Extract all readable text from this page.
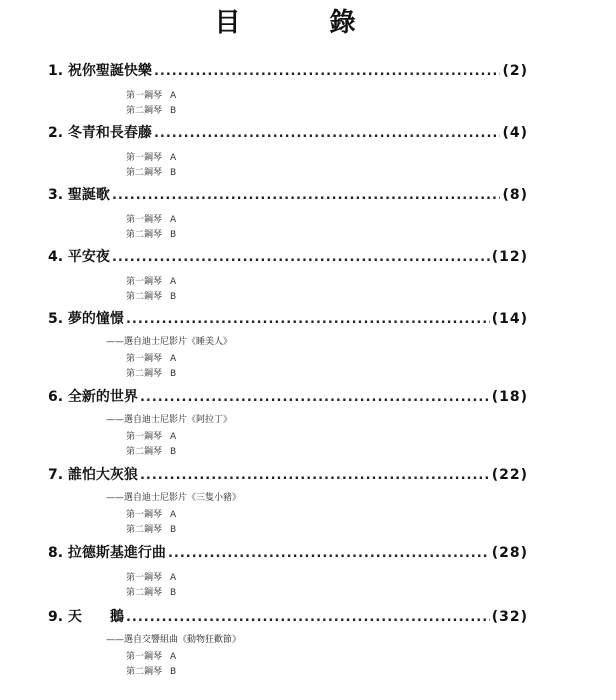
目 錄
1. 祝你聖誕快樂 .....	(2)
第一鋼琴 A
第二鋼琴 B
2. 冬青和長春藤 .....	(4)
第一鋼琴 A
第二鋼琴 B
3. 聖誕歌 .....	(8)
第一鋼琴 A
第二鋼琴 B
4. 平安夜 .....	(12)
第一鋼琴 A
第二鋼琴 B
5. 夢的憧憬 .....	(14)
——選自迪士尼影片《睡美人》
第一鋼琴 A
第二鋼琴 B
6. 全新的世界 .....	(18)
——選自迪士尼影片《阿拉丁》
第一鋼琴 A
第二鋼琴 B
7. 誰怕大灰狼 .....	(22)
——選自迪士尼影片《三隻小豬》
第一鋼琴 A
第二鋼琴 B
8. 拉德斯基進行曲 .....	(28)
第一鋼琴 A
第二鋼琴 B
9. 天　　鵝 .....	(32)
——選自交響組曲《動物狂歡節》
第一鋼琴 A
第二鋼琴 B
